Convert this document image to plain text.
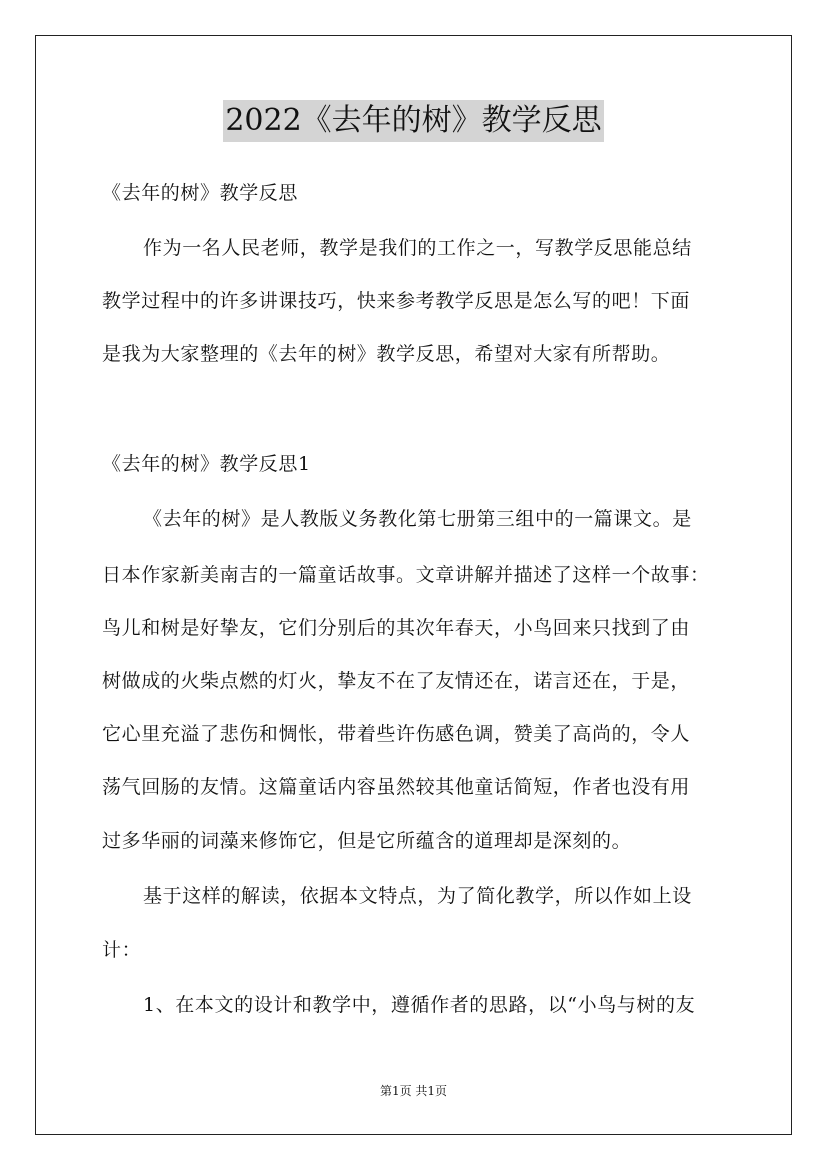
2022《去年的树》教学反思
《去年的树》教学反思
作为一名人民老师，教学是我们的工作之一，写教学反思能总结
教学过程中的许多讲课技巧，快来参考教学反思是怎么写的吧！下面
是我为大家整理的《去年的树》教学反思，希望对大家有所帮助。
《去年的树》教学反思1
《去年的树》是人教版义务教化第七册第三组中的一篇课文。是
日本作家新美南吉的一篇童话故事。文章讲解并描述了这样一个故事：
鸟儿和树是好挚友，它们分别后的其次年春天，小鸟回来只找到了由
树做成的火柴点燃的灯火，挚友不在了友情还在，诺言还在，于是，
它心里充溢了悲伤和惆怅，带着些许伤感色调，赞美了高尚的，令人
荡气回肠的友情。这篇童话内容虽然较其他童话简短，作者也没有用
过多华丽的词藻来修饰它，但是它所蕴含的道理却是深刻的。
基于这样的解读，依据本文特点，为了简化教学，所以作如上设
计：
1、在本文的设计和教学中，遵循作者的思路，以“小鸟与树的友
第1页 共1页
